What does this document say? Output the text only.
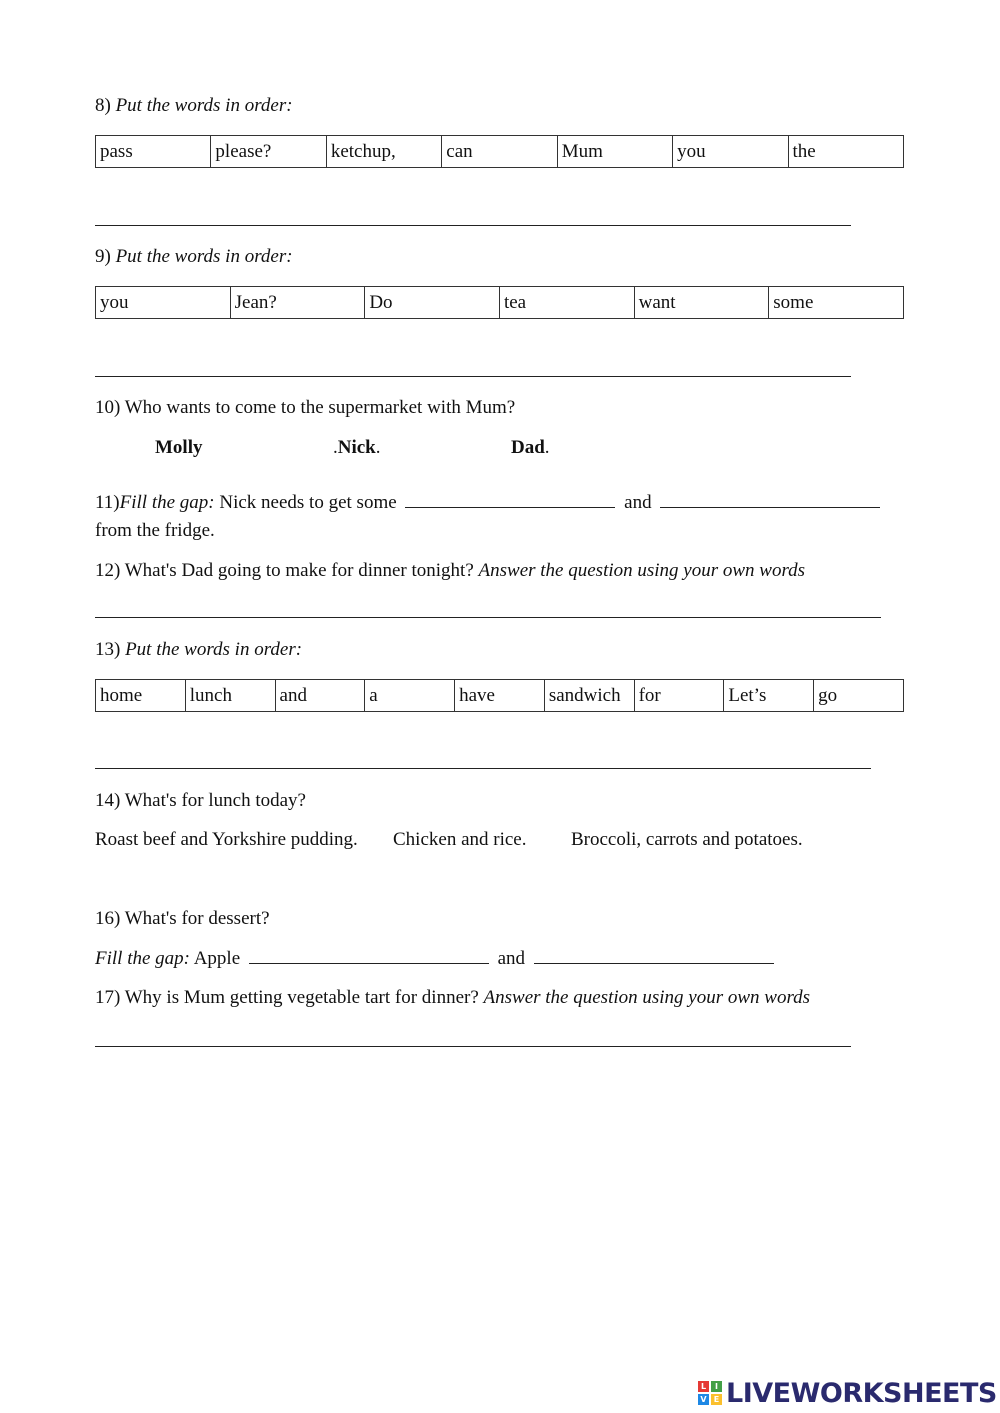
8) Put the words in order:
pass	please?	ketchup,	can	Mum	you	the
9) Put the words in order:
you	Jean?	Do	tea	want	some
10) Who wants to come to the supermarket with Mum?
Molly	.Nick.	Dad.
11)Fill the gap: Nick needs to get some	and
from the fridge.
12) What's Dad going to make for dinner tonight? Answer the question using your own words
13) Put the words in order:
home	lunch	and	a	have	sandwich	for	Let’s	go
14) What's for lunch today?
Roast beef and Yorkshire pudding. Chicken and rice. Broccoli, carrots and potatoes.
16) What's for dessert?
Fill the gap: Apple	and
17) Why is Mum getting vegetable tart for dinner? Answer the question using your own words
L	I
V E LIVEWORKSHEETS
